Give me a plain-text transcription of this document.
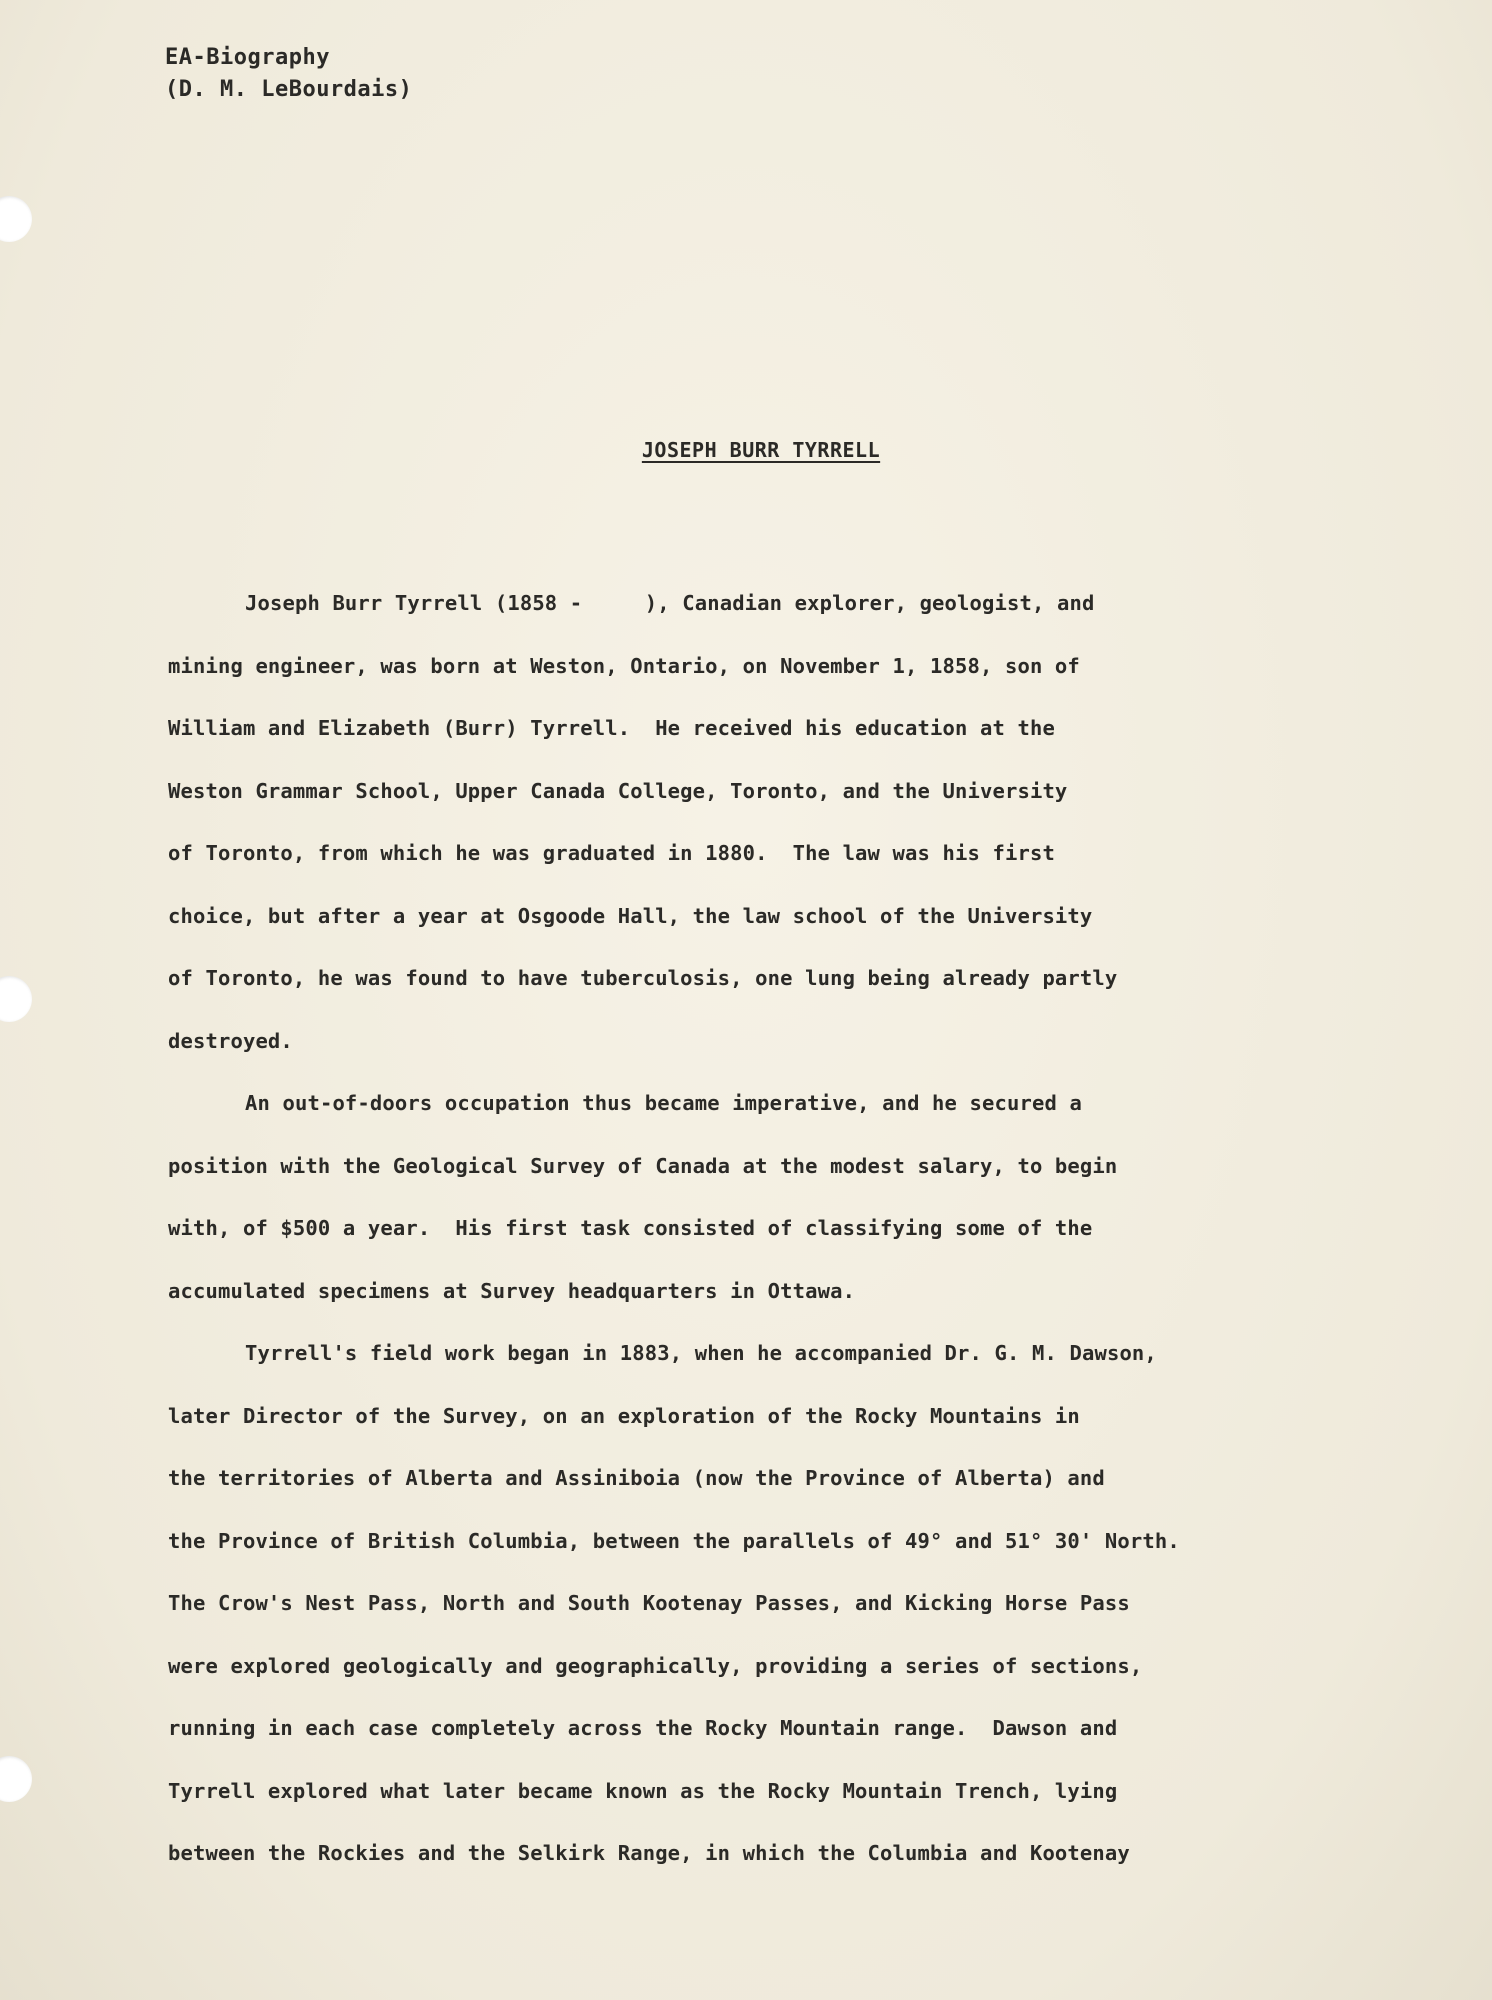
EA-Biography
(D. M. LeBourdais)
JOSEPH BURR TYRRELL
Joseph Burr Tyrrell (1858 -     ), Canadian explorer, geologist, and
mining engineer, was born at Weston, Ontario, on November 1, 1858, son of
William and Elizabeth (Burr) Tyrrell.  He received his education at the
Weston Grammar School, Upper Canada College, Toronto, and the University
of Toronto, from which he was graduated in 1880.  The law was his first
choice, but after a year at Osgoode Hall, the law school of the University
of Toronto, he was found to have tuberculosis, one lung being already partly
destroyed.
An out-of-doors occupation thus became imperative, and he secured a
position with the Geological Survey of Canada at the modest salary, to begin
with, of $500 a year.  His first task consisted of classifying some of the
accumulated specimens at Survey headquarters in Ottawa.
Tyrrell's field work began in 1883, when he accompanied Dr. G. M. Dawson,
later Director of the Survey, on an exploration of the Rocky Mountains in
the territories of Alberta and Assiniboia (now the Province of Alberta) and
the Province of British Columbia, between the parallels of 49° and 51° 30' North.
The Crow's Nest Pass, North and South Kootenay Passes, and Kicking Horse Pass
were explored geologically and geographically, providing a series of sections,
running in each case completely across the Rocky Mountain range.  Dawson and
Tyrrell explored what later became known as the Rocky Mountain Trench, lying
between the Rockies and the Selkirk Range, in which the Columbia and Kootenay
